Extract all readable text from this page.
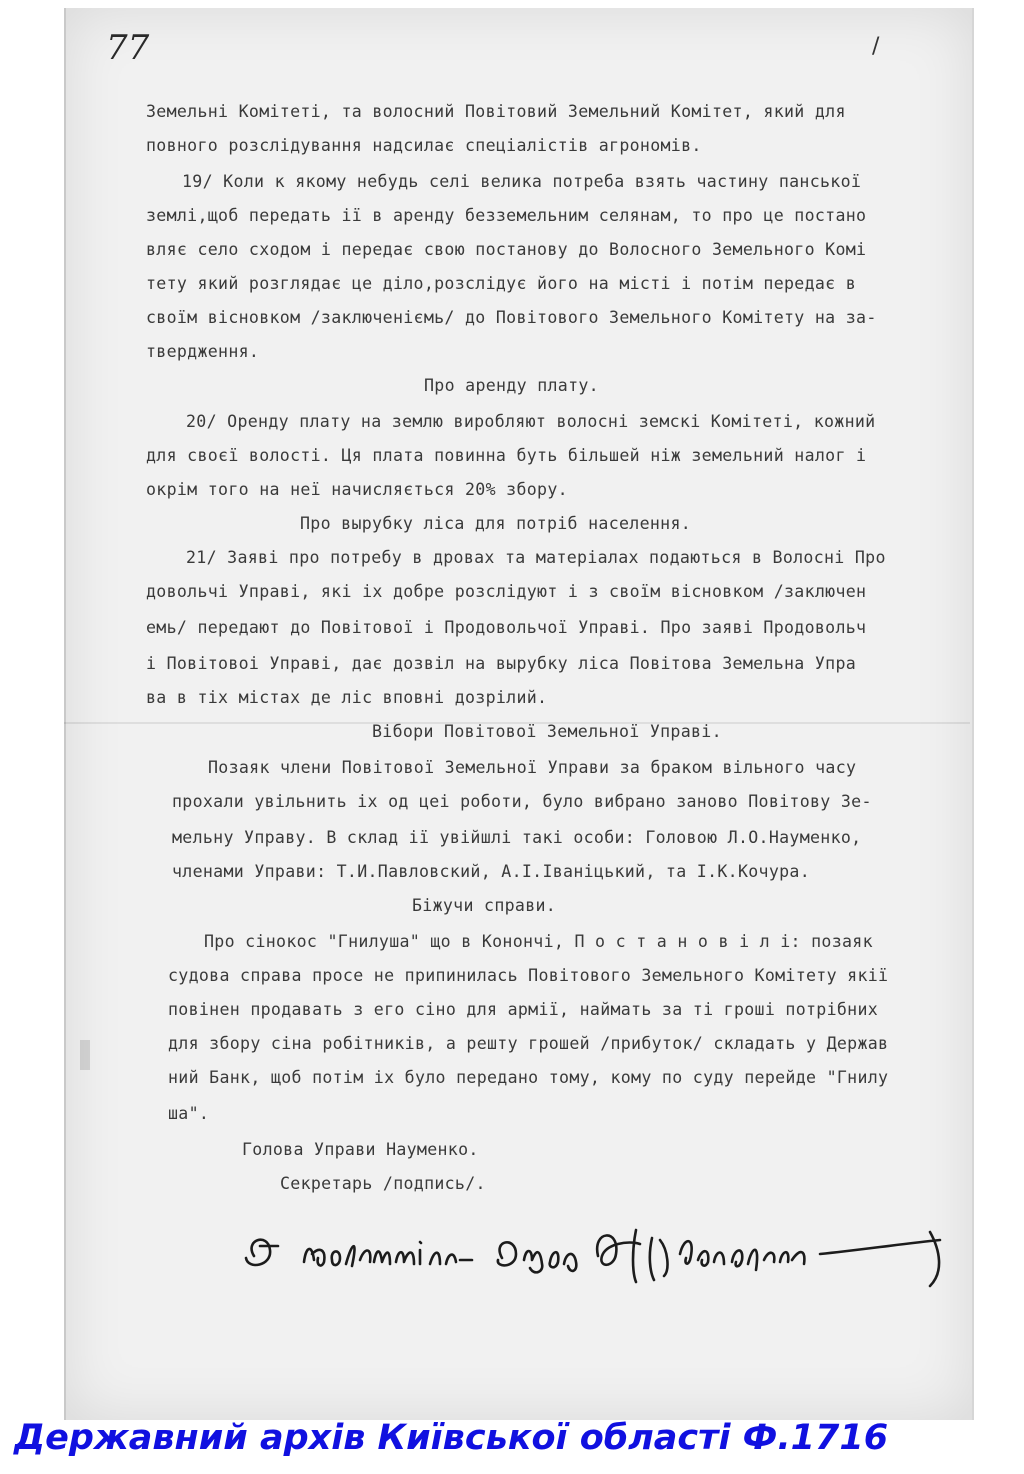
77	/
Земельні Комітеті, та волосний Повітовий Земельний Комітет, який для
повного розслідування надсилає спеціалістів агрономів.
19/ Коли к якому небудь селі велика потреба взять частину панської
землі,щоб передать ії в аренду безземельним селянам, то про це постано
вляє село сходом і передає свою постанову до Волосного Земельного Комі
тету який розглядає це діло,розслідує його на місті і потім передає в
своїм вісновком /заключеніємь/ до Повітового Земельного Комітету на за-
твердження.
Про аренду плату.
20/ Оренду плату на землю виробляют волосні земскі Комітеті, кожний
для своєї волості. Ця плата повинна буть більшей ніж земельний налог і
окрім того на неї начисляється 20% збору.
Про вырубку ліса для потріб населення.
21/ Заяві про потребу в дровах та матеріалах подаються в Волосні Про
довольчі Управі, які іх добре розслідуют і з своїм вісновком /заключен
емь/ передают до Повітової і Продовольчої Управі. Про заяві Продовольч
і Повітовоі Управі, дає дозвіл на вырубку ліса Повітова Земельна Упра
ва в тіх містах де ліс вповні дозрілий.
Вібори Повітової Земельної Управі.
Позаяк члени Повітової Земельної Управи за браком вільного часу
прохали увільнить іх од цеі роботи, було вибрано заново Повітову Зе-
мельну Управу. В склад ії увійшлі такі особи: Головою Л.О.Науменко,
членами Управи: Т.И.Павловский, А.І.Іваніцький, та І.К.Кочура.
Біжучи справи.
Про сінокос "Гнилуша" що в Конончі, П о с т а н о в і л і: позаяк
судова справа просе не припинилась Повітового Земельного Комітету якії
повінен продавать з его сіно для армії, наймать за ті гроші потрібних
для збору сіна робітників, а решту грошей /прибуток/ складать у Держав
ний Банк, щоб потім іх було передано тому, кому по суду перейде "Гнилу
ша".
Голова Управи Науменко.
Секретарь /подпись/.
Державний архів Київської області Ф.1716
